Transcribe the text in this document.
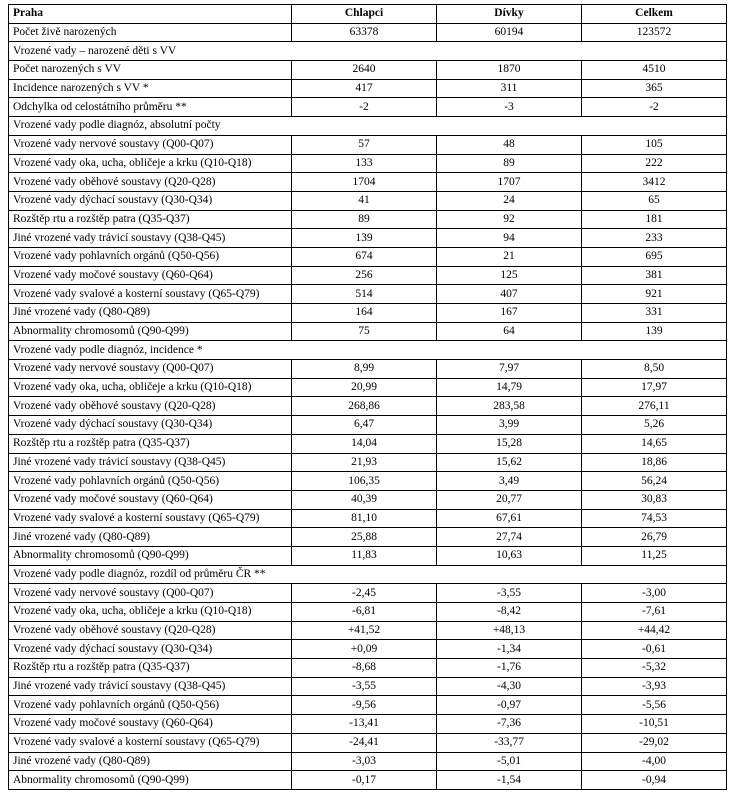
Praha	Chlapci	Dívky	Celkem
Počet živě narozených	63378	60194	123572
Vrozené vady – narozené děti s VV			
Počet narozených s VV	2640	1870	4510
Incidence narozených s VV *	417	311	365
Odchylka od celostátního průměru **	-2	-3	-2
Vrozené vady podle diagnóz, absolutní počty			
Vrozené vady nervové soustavy (Q00-Q07)	57	48	105
Vrozené vady oka, ucha, obličeje a krku (Q10-Q18)	133	89	222
Vrozené vady oběhové soustavy (Q20-Q28)	1704	1707	3412
Vrozené vady dýchací soustavy (Q30-Q34)	41	24	65
Rozštěp rtu a rozštěp patra (Q35-Q37)	89	92	181
Jiné vrozené vady trávicí soustavy (Q38-Q45)	139	94	233
Vrozené vady pohlavních orgánů (Q50-Q56)	674	21	695
Vrozené vady močové soustavy (Q60-Q64)	256	125	381
Vrozené vady svalové a kosterní soustavy (Q65-Q79)	514	407	921
Jiné vrozené vady (Q80-Q89)	164	167	331
Abnormality chromosomů (Q90-Q99)	75	64	139
Vrozené vady podle diagnóz, incidence *			
Vrozené vady nervové soustavy (Q00-Q07)	8,99	7,97	8,50
Vrozené vady oka, ucha, obličeje a krku (Q10-Q18)	20,99	14,79	17,97
Vrozené vady oběhové soustavy (Q20-Q28)	268,86	283,58	276,11
Vrozené vady dýchací soustavy (Q30-Q34)	6,47	3,99	5,26
Rozštěp rtu a rozštěp patra (Q35-Q37)	14,04	15,28	14,65
Jiné vrozené vady trávicí soustavy (Q38-Q45)	21,93	15,62	18,86
Vrozené vady pohlavních orgánů (Q50-Q56)	106,35	3,49	56,24
Vrozené vady močové soustavy (Q60-Q64)	40,39	20,77	30,83
Vrozené vady svalové a kosterní soustavy (Q65-Q79)	81,10	67,61	74,53
Jiné vrozené vady (Q80-Q89)	25,88	27,74	26,79
Abnormality chromosomů (Q90-Q99)	11,83	10,63	11,25
Vrozené vady podle diagnóz, rozdíl od průměru ČR **			
Vrozené vady nervové soustavy (Q00-Q07)	-2,45	-3,55	-3,00
Vrozené vady oka, ucha, obličeje a krku (Q10-Q18)	-6,81	-8,42	-7,61
Vrozené vady oběhové soustavy (Q20-Q28)	+41,52	+48,13	+44,42
Vrozené vady dýchací soustavy (Q30-Q34)	+0,09	-1,34	-0,61
Rozštěp rtu a rozštěp patra (Q35-Q37)	-8,68	-1,76	-5,32
Jiné vrozené vady trávicí soustavy (Q38-Q45)	-3,55	-4,30	-3,93
Vrozené vady pohlavních orgánů (Q50-Q56)	-9,56	-0,97	-5,56
Vrozené vady močové soustavy (Q60-Q64)	-13,41	-7,36	-10,51
Vrozené vady svalové a kosterní soustavy (Q65-Q79)	-24,41	-33,77	-29,02
Jiné vrozené vady (Q80-Q89)	-3,03	-5,01	-4,00
Abnormality chromosomů (Q90-Q99)	-0,17	-1,54	-0,94
